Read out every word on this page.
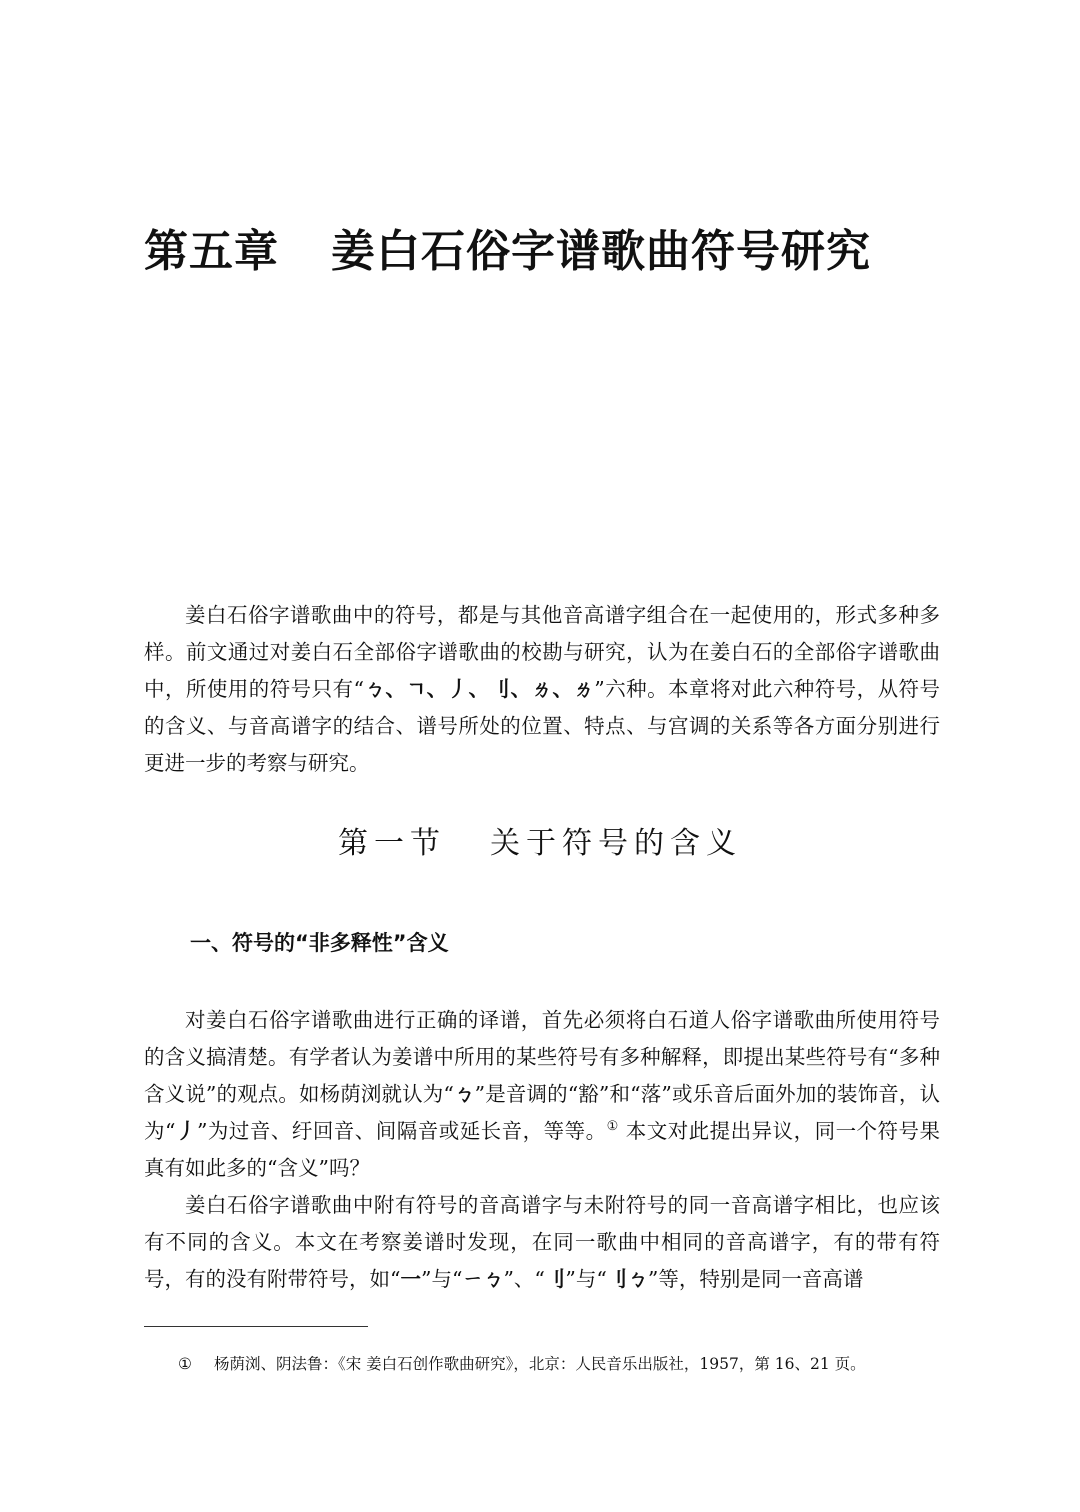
第五章 姜白石俗字谱歌曲符号研究

姜白石俗字谱歌曲中的符号，都是与其他音高谱字组合在一起使用的，形式多种多样。前文通过对姜白石全部俗字谱歌曲的校勘与研究，认为在姜白石的全部俗字谱歌曲中，所使用的符号只有“ㄅ、ㄱ、丿、刂、ㄌ、ㄌ”六种。本章将对此六种符号，从符号的含义、与音高谱字的结合、谱号所处的位置、特点、与宫调的关系等各方面分别进行更进一步的考察与研究。

第一节 关于符号的含义
一、符号的“非多释性”含义

对姜白石俗字谱歌曲进行正确的译谱，首先必须将白石道人俗字谱歌曲所使用符号的含义搞清楚。有学者认为姜谱中所用的某些符号有多种解释，即提出某些符号有“多种含义说”的观点。如杨荫浏就认为“ㄅ”是音调的“豁”和“落”或乐音后面外加的装饰音，认为“丿”为过音、纡回音、间隔音或延长音，等等。① 本文对此提出异议，同一个符号果真有如此多的“含义”吗？

姜白石俗字谱歌曲中附有符号的音高谱字与未附符号的同一音高谱字相比，也应该有不同的含义。本文在考察姜谱时发现，在同一歌曲中相同的音高谱字，有的带有符号，有的没有附带符号，如“一”与“ㄧㄅ”、“刂”与“刂ㄅ”等，特别是同一音高谱

① 杨荫浏、阴法鲁：《宋 姜白石创作歌曲研究》，北京：人民音乐出版社，1957，第 16、21 页。
